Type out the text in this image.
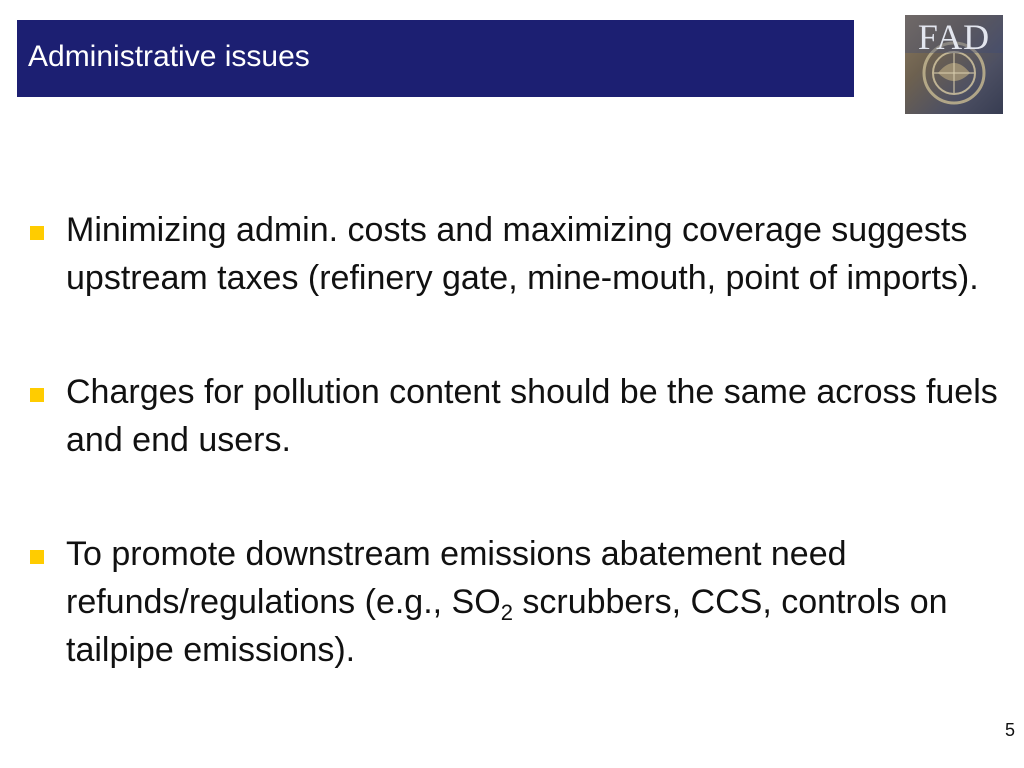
Administrative issues	FAD
Minimizing admin. costs and maximizing coverage suggests upstream taxes (refinery gate, mine-mouth, point of imports).
Charges for pollution content should be the same across fuels and end users.
To promote downstream emissions abatement need refunds/regulations (e.g., $SO_2$ scrubbers, CCS, controls on tailpipe emissions).
5
